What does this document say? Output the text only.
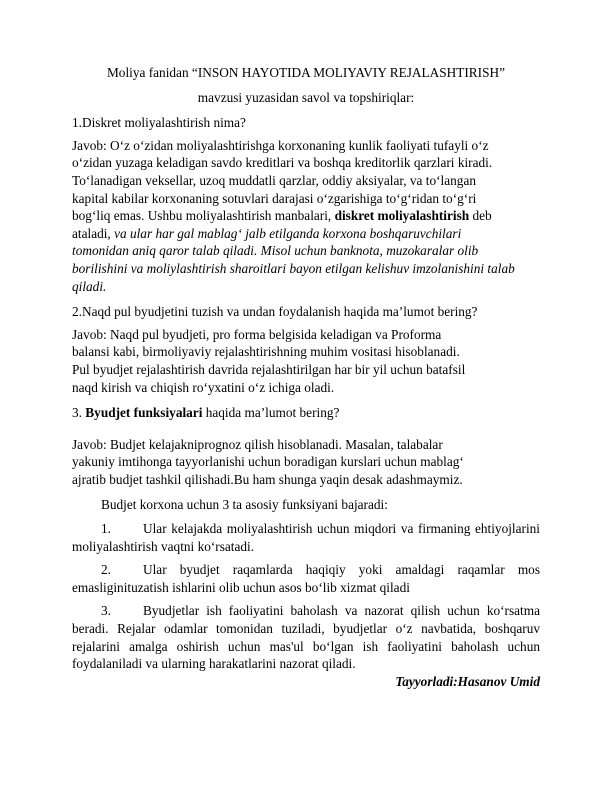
Moliya fanidan “INSON HAYOTIDA MOLIYAVIY REJALASHTIRISH”

mavzusi yuzasidan savol va topshiriqlar:

1.Diskret moliyalashtirish nima?

Javob: O‘z o‘zidan moliyalashtirishga korxonaning kunlik faoliyati tufayli o‘z
o‘zidan yuzaga keladigan savdo kreditlari va boshqa kreditorlik qarzlari kiradi.
To‘lanadigan veksellar, uzoq muddatli qarzlar, oddiy aksiyalar, va to‘langan
kapital kabilar korxonaning sotuvlari darajasi o‘zgarishiga to‘g‘ridan to‘g‘ri
bog‘liq emas. Ushbu moliyalashtirish manbalari, diskret moliyalashtirish deb
ataladi, va ular har gal mablag‘ jalb etilganda korxona boshqaruvchilari
tomonidan aniq qaror talab qiladi. Misol uchun banknota, muzokaralar olib
borilishini va moliylashtirish sharoitlari bayon etilgan kelishuv imzolanishini talab
qiladi.

2.Naqd pul byudjetini tuzish va undan foydalanish haqida ma’lumot bering?

Javob: Naqd pul byudjeti, pro forma belgisida keladigan va Proforma
balansi kabi, birmoliyaviy rejalashtirishning muhim vositasi hisoblanadi.
Pul byudjet rejalashtirish davrida rejalashtirilgan har bir yil uchun batafsil
naqd kirish va chiqish ro‘yxatini o‘z ichiga oladi.

3. Byudjet funksiyalari haqida ma’lumot bering?

Javob: Budjet kelajakniprognoz qilish hisoblanadi. Masalan, talabalar
yakuniy imtihonga tayyorlanishi uchun boradigan kurslari uchun mablag‘
ajratib budjet tashkil qilishadi.Bu ham shunga yaqin desak adashmaymiz.

Budjet korxona uchun 3 ta asosiy funksiyani bajaradi:

1. Ular kelajakda moliyalashtirish uchun miqdori va firmaning ehtiyojlarini moliyalashtirish vaqtni ko‘rsatadi.

2. Ular byudjet raqamlarda haqiqiy yoki amaldagi raqamlar mos emasliginituzatish ishlarini olib uchun asos bo‘lib xizmat qiladi

3. Byudjetlar ish faoliyatini baholash va nazorat qilish uchun ko‘rsatma beradi. Rejalar odamlar tomonidan tuziladi, byudjetlar o‘z navbatida, boshqaruv rejalarini amalga oshirish uchun mas'ul bo‘lgan ish faoliyatini baholash uchun foydalaniladi va ularning harakatlarini nazorat qiladi.

Tayyorladi:Hasanov Umid
